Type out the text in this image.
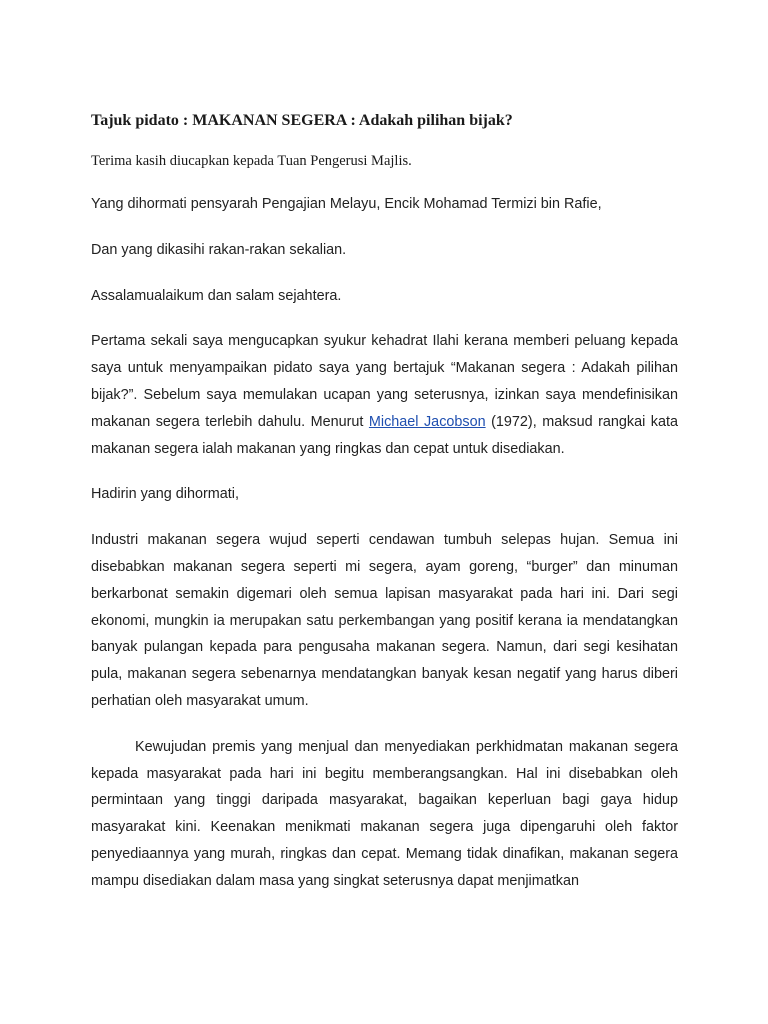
Tajuk pidato : MAKANAN SEGERA : Adakah pilihan bijak?

Terima kasih diucapkan kepada Tuan Pengerusi Majlis.

Yang dihormati pensyarah Pengajian Melayu, Encik Mohamad Termizi bin Rafie,

Dan yang dikasihi rakan-rakan sekalian.

Assalamualaikum dan salam sejahtera.

Pertama sekali saya mengucapkan syukur kehadrat Ilahi kerana memberi peluang kepada saya untuk menyampaikan pidato saya yang bertajuk “Makanan segera : Adakah pilihan bijak?”. Sebelum saya memulakan ucapan yang seterusnya, izinkan saya mendefinisikan makanan segera terlebih dahulu. Menurut Michael Jacobson (1972), maksud rangkai kata makanan segera ialah makanan yang ringkas dan cepat untuk disediakan.

Hadirin yang dihormati,

Industri makanan segera wujud seperti cendawan tumbuh selepas hujan. Semua ini disebabkan makanan segera seperti mi segera, ayam goreng, “burger” dan minuman berkarbonat semakin digemari oleh semua lapisan masyarakat pada hari ini. Dari segi ekonomi, mungkin ia merupakan satu perkembangan yang positif kerana ia mendatangkan banyak pulangan kepada para pengusaha makanan segera. Namun, dari segi kesihatan pula, makanan segera sebenarnya mendatangkan banyak kesan negatif yang harus diberi perhatian oleh masyarakat umum.

Kewujudan premis yang menjual dan menyediakan perkhidmatan makanan segera kepada masyarakat pada hari ini begitu memberangsangkan. Hal ini disebabkan oleh permintaan yang tinggi daripada masyarakat, bagaikan keperluan bagi gaya hidup masyarakat kini. Keenakan menikmati makanan segera juga dipengaruhi oleh faktor penyediaannya yang murah, ringkas dan cepat. Memang tidak dinafikan, makanan segera mampu disediakan dalam masa yang singkat seterusnya dapat menjimatkan
